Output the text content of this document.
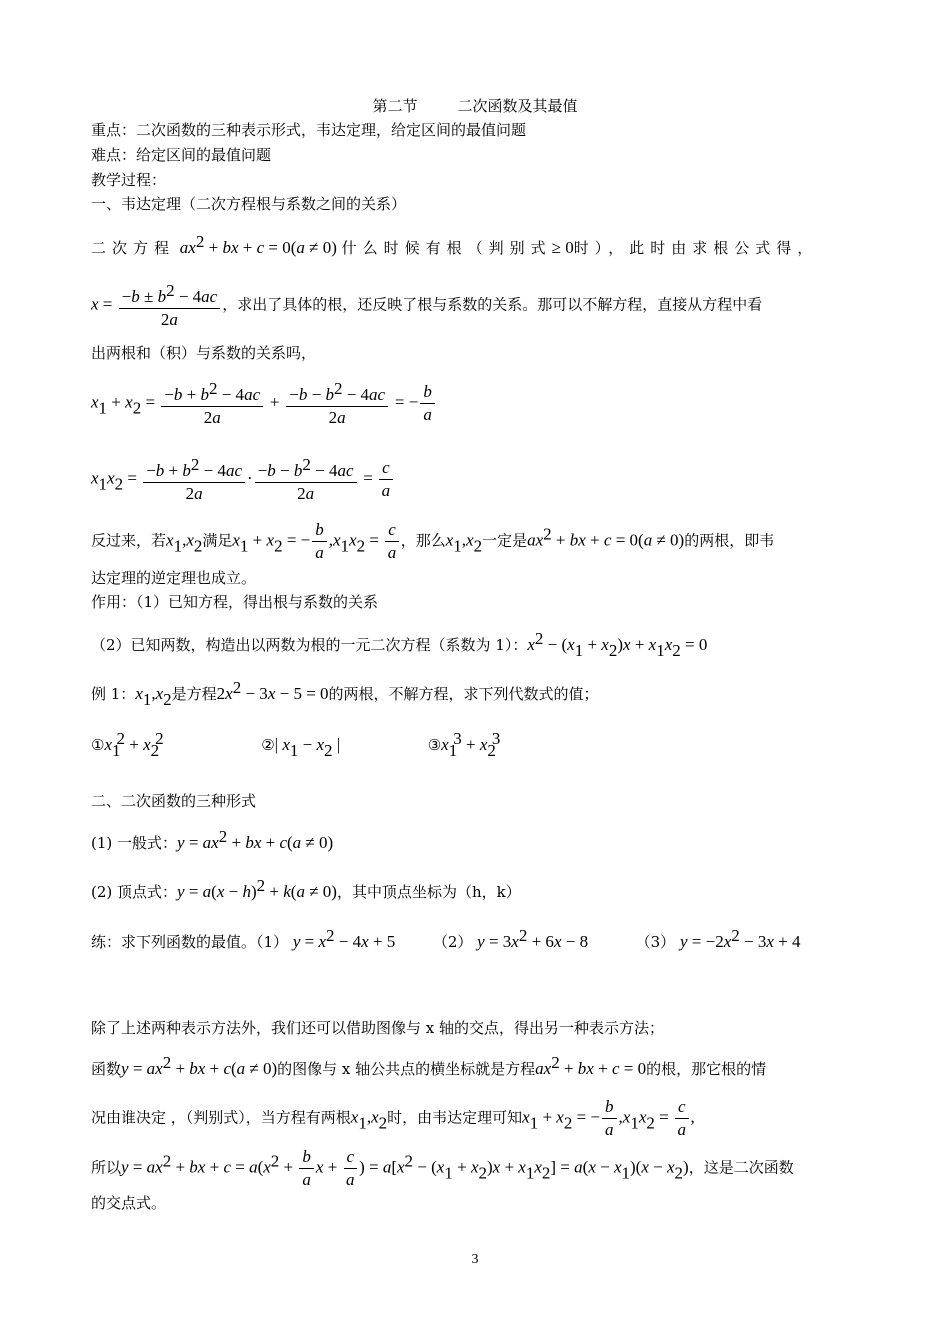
第二节	二次函数及其最值
重点：二次函数的三种表示形式，韦达定理，给定区间的最值问题
难点：给定区间的最值问题
教学过程：
一、韦达定理（二次方程根与系数之间的关系）
二次方程 $ax^2$ + bx + c = 0(a ≠ 0) 什么时候有根（判别式≥ 0时），此时由求根公式得，
$x = \frac{-b \pm b^2 - 4ac}{2a}$ ，求出了具体的根，还反映了根与系数的关系。那可以不解方程，直接从方程中看
出两根和（积）与系数的关系吗，
$x_1 + x_2 = \frac{-b + b^2 - 4ac}{2a} + \frac{-b - b^2 - 4ac}{2a}$ = − $\frac{b}{a}$
$x_1x_2 = \frac{-b + b^2 - 4ac}{2a} \cdot \frac{-b - b^2 - 4ac}{2a} = \frac{c}{a}$
反过来，若$x_1,x_2$满足$x_1 + x_2$ = − $\frac{b}{a} ,x_1x_2 = \frac{c}{a}$ ，那么$x_1,x_2$一定是$ax^2$ + bx + c = 0(a ≠ 0)的两根，即韦
达定理的逆定理也成立。
作用：（1）已知方程，得出根与系数的关系
（2）已知两数，构造出以两数为根的一元二次方程（系数为 1）：$x^2 - (x_1 + x_2)x + x_1x_2 = 0$
例 1：$x_1,x_2$是方程$2x^2 - 3x - 5 = 0$的两根，不解方程，求下列代数式的值；
$①x_1^2 + x_2^2$	②| $x_1 - x_2$ |	$③x_1^3 + x_2^3$
二、二次函数的三种形式
(1) 一般式：$y = ax^2$ + bx + c(a ≠ 0)
(2) 顶点式：$y = a(x - h)^2 + k(a \ne 0)$，其中顶点坐标为（h，k）
练：求下列函数的最值。（1） $y = x^2 - 4x + 5$	（2） $y = 3x^2 + 6x - 8$	（3） $y = -2x^2 - 3x + 4$
除了上述两种表示方法外，我们还可以借助图像与 x 轴的交点，得出另一种表示方法；
函数$y = ax^2$ + bx + c(a ≠ 0)的图像与 x 轴公共点的横坐标就是方程$ax^2$ + bx + c = 0的根，那它根的情
况由谁决定 ，（判别式），当方程有两根$x_1,x_2$时，由韦达定理可知$x_1 + x_2$ = − $\frac{b}{a} ,x_1x_2 = \frac{c}{a}$ ,
所以$y = ax^2$ + bx + $c = a(x^2 + \frac{b}{a}$ $x + \frac{c}{a}$ ) = $a[x^2 - (x_1 + x_2)x + x_1x_2] = a(x - x_1)(x - x_2)$，这是二次函数
的交点式。
3
